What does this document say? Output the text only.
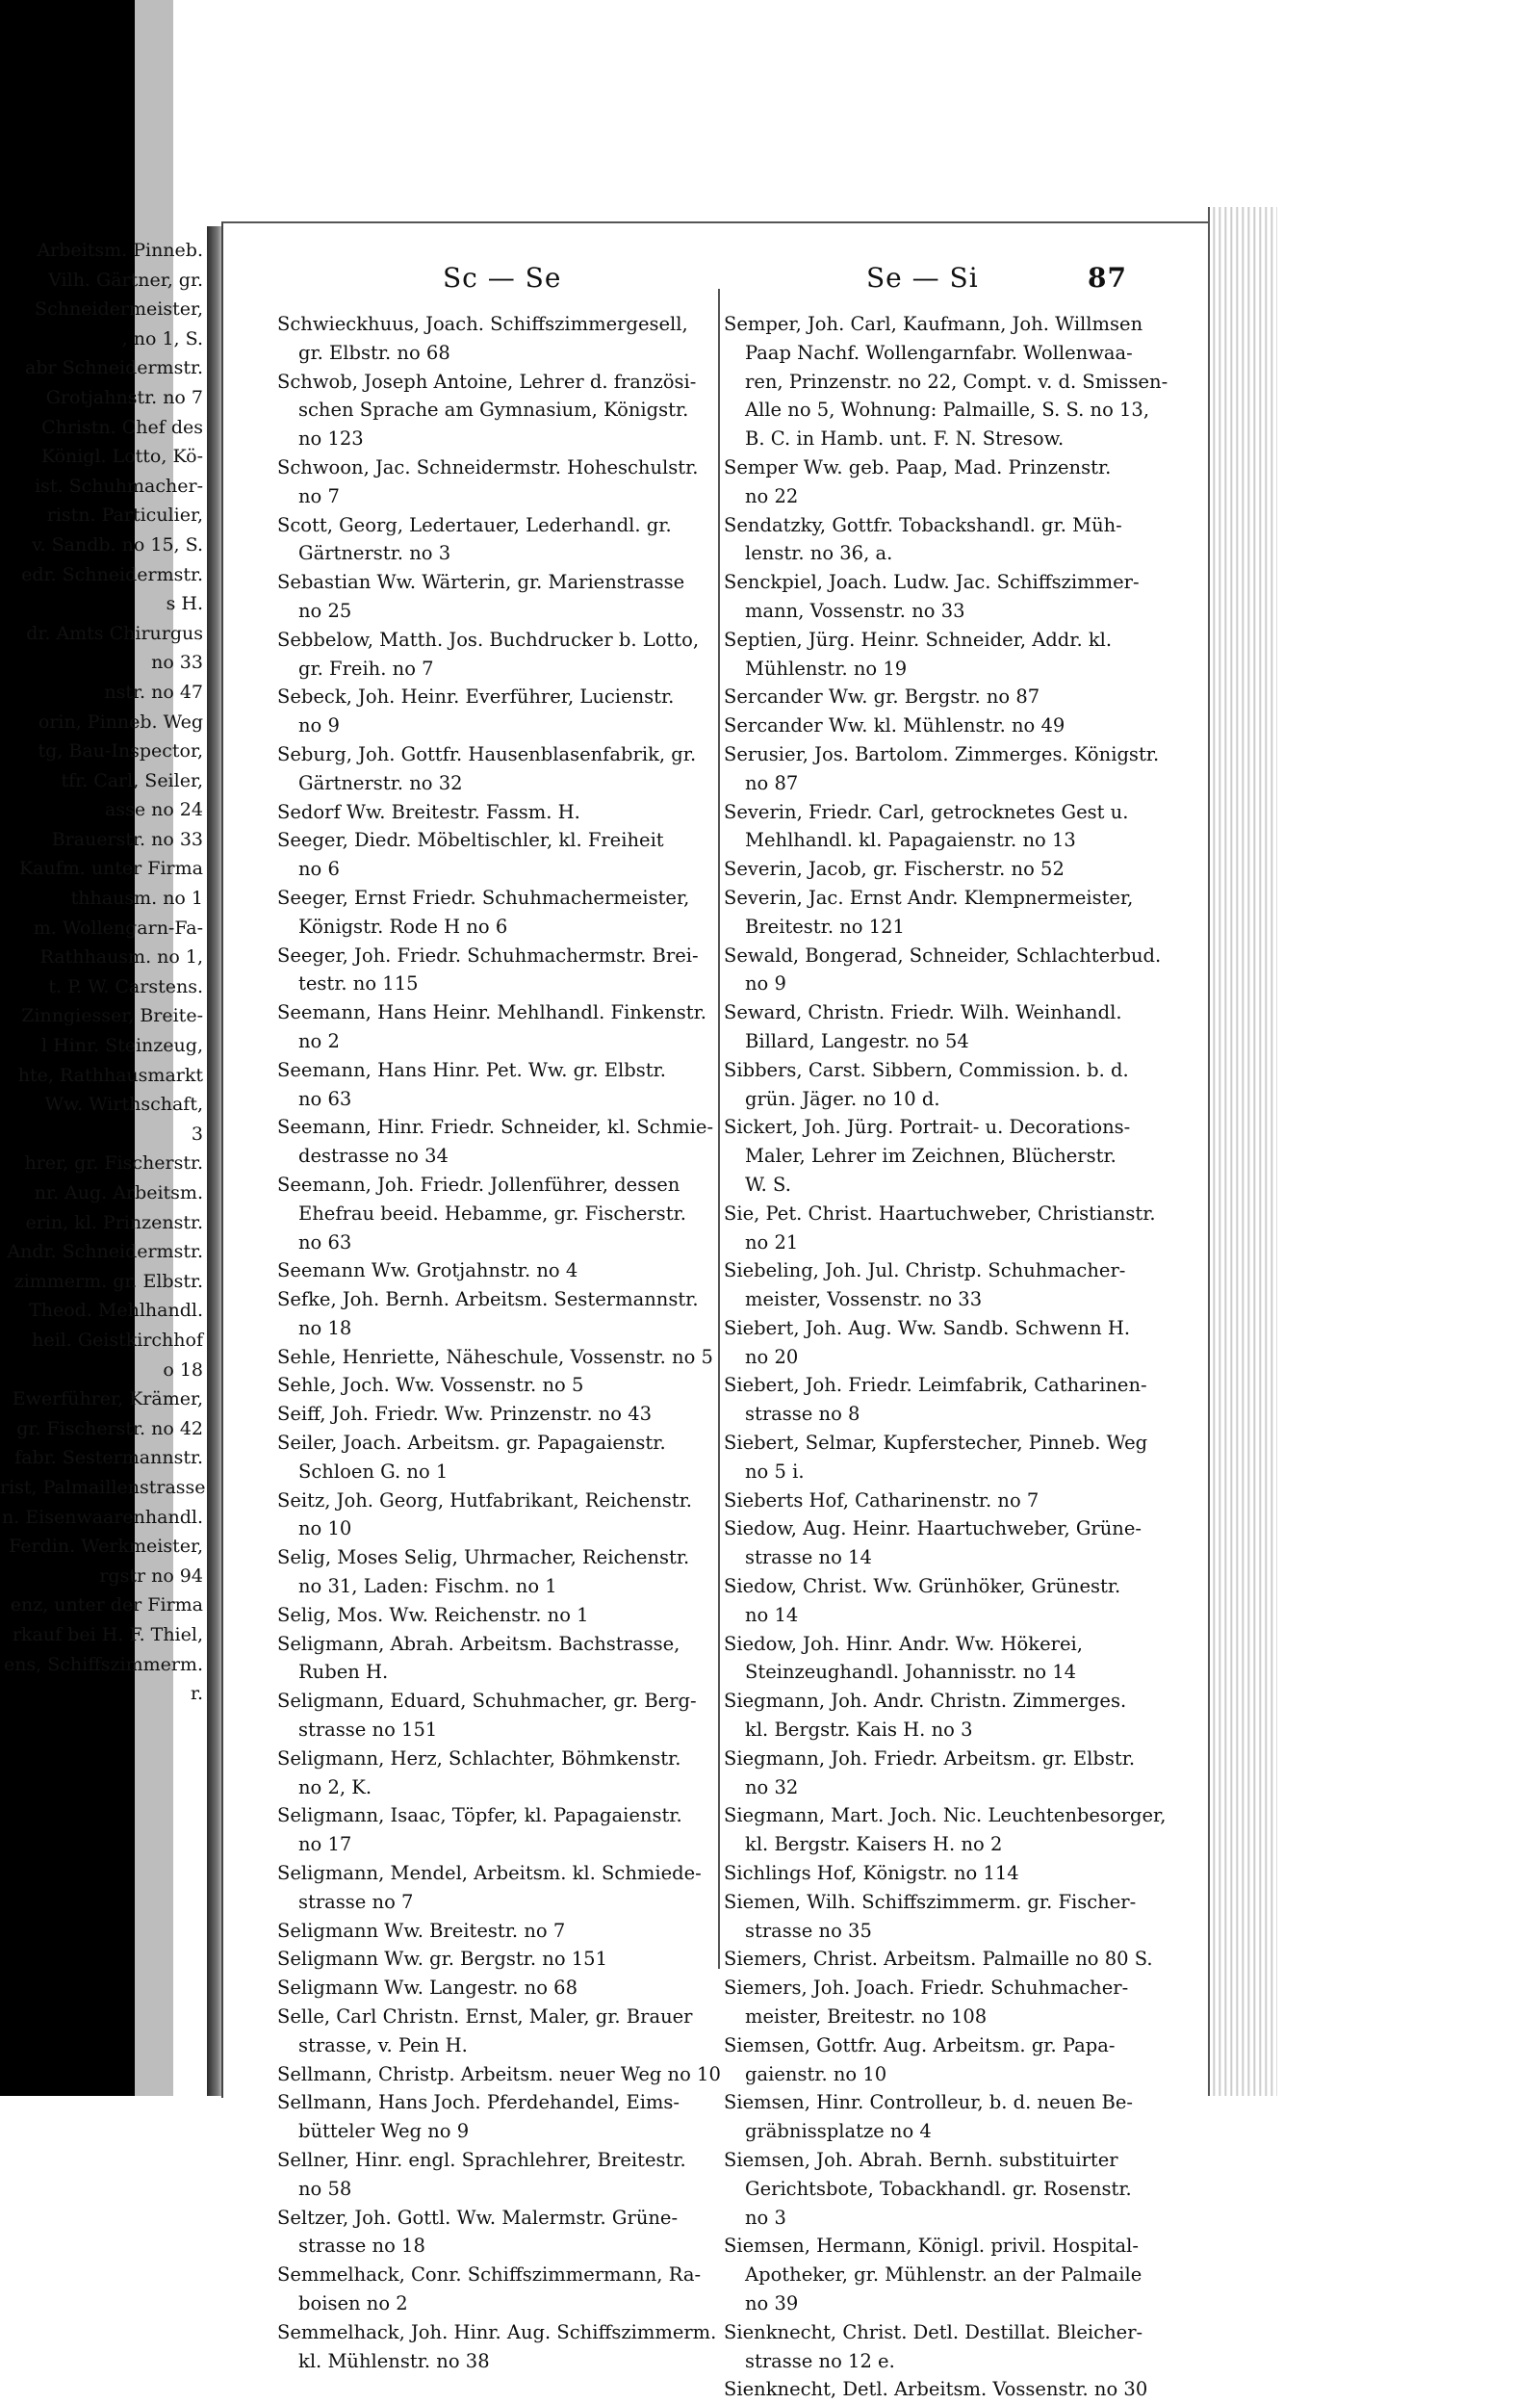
Arbeitsm. Pinneb.
Vilh. Gärtner, gr.
Schneidermeister,
, no 1, S.
abr Schneidermstr.
Grotjahnstr. no 7
Christn. Chef des
Königl. Lotto, Kö-
ist. Schuhmacher-
ristn. Particulier,
v. Sandb. no 15, S.
edr. Schneidermstr.
s H.
dr. Amts Chirurgus
no 33
nstr. no 47
orin, Pinneb. Weg
tg, Bau-Inspector,
tfr. Carl, Seiler,
asse no 24
Brauerstr. no 33
Kaufm. unter Firma
thhausm. no 1
m. Wollengarn-Fa-
Rathhausm. no 1,
t. P. W. Carstens.
Zinngiesser, Breite-
l Hinr. Steinzeug,
hte, Rathhausmarkt
Ww. Wirthschaft,
3
hrer, gr. Fischerstr.
nr. Aug. Arbeitsm.
erin, kl. Prinzenstr.
Andr. Schneidermstr.
zimmerm. gr. Elbstr.
Theod. Mehlhandl.
heil. Geistkirchhof
o 18
Ewerführer, Krämer,
gr. Fischerstr. no 42
fabr. Sestermannstr.
rist, Palmaillenstrasse
n. Eisenwaarenhandl.
Ferdin. Werkmeister,
rgstr no 94
enz, unter der Firma
rkauf bei H. F. Thiel,
ens, Schiffszimmerm.
r.
Sc — Se	Se — Si	87
Schwieckhuus, Joach. Schiffszimmergesell,
gr. Elbstr. no 68
Schwob, Joseph Antoine, Lehrer d. französi-
schen Sprache am Gymnasium, Königstr.
no 123
Schwoon, Jac. Schneidermstr. Hoheschulstr.
no 7
Scott, Georg, Ledertauer, Lederhandl. gr.
Gärtnerstr. no 3
Sebastian Ww. Wärterin, gr. Marienstrasse
no 25
Sebbelow, Matth. Jos. Buchdrucker b. Lotto,
gr. Freih. no 7
Sebeck, Joh. Heinr. Everführer, Lucienstr.
no 9
Seburg, Joh. Gottfr. Hausenblasenfabrik, gr.
Gärtnerstr. no 32
Sedorf Ww. Breitestr. Fassm. H.
Seeger, Diedr. Möbeltischler, kl. Freiheit
no 6
Seeger, Ernst Friedr. Schuhmachermeister,
Königstr. Rode H no 6
Seeger, Joh. Friedr. Schuhmachermstr. Brei-
testr. no 115
Seemann, Hans Heinr. Mehlhandl. Finkenstr.
no 2
Seemann, Hans Hinr. Pet. Ww. gr. Elbstr.
no 63
Seemann, Hinr. Friedr. Schneider, kl. Schmie-
destrasse no 34
Seemann, Joh. Friedr. Jollenführer, dessen
Ehefrau beeid. Hebamme, gr. Fischerstr.
no 63
Seemann Ww. Grotjahnstr. no 4
Sefke, Joh. Bernh. Arbeitsm. Sestermannstr.
no 18
Sehle, Henriette, Näheschule, Vossenstr. no 5
Sehle, Joch. Ww. Vossenstr. no 5
Seiff, Joh. Friedr. Ww. Prinzenstr. no 43
Seiler, Joach. Arbeitsm. gr. Papagaienstr.
Schloen G. no 1
Seitz, Joh. Georg, Hutfabrikant, Reichenstr.
no 10
Selig, Moses Selig, Uhrmacher, Reichenstr.
no 31, Laden: Fischm. no 1
Selig, Mos. Ww. Reichenstr. no 1
Seligmann, Abrah. Arbeitsm. Bachstrasse,
Ruben H.
Seligmann, Eduard, Schuhmacher, gr. Berg-
strasse no 151
Seligmann, Herz, Schlachter, Böhmkenstr.
no 2, K.
Seligmann, Isaac, Töpfer, kl. Papagaienstr.
no 17
Seligmann, Mendel, Arbeitsm. kl. Schmiede-
strasse no 7
Seligmann Ww. Breitestr. no 7
Seligmann Ww. gr. Bergstr. no 151
Seligmann Ww. Langestr. no 68
Selle, Carl Christn. Ernst, Maler, gr. Brauer
strasse, v. Pein H.
Sellmann, Christp. Arbeitsm. neuer Weg no 10
Sellmann, Hans Joch. Pferdehandel, Eims-
bütteler Weg no 9
Sellner, Hinr. engl. Sprachlehrer, Breitestr.
no 58
Seltzer, Joh. Gottl. Ww. Malermstr. Grüne-
strasse no 18
Semmelhack, Conr. Schiffszimmermann, Ra-
boisen no 2
Semmelhack, Joh. Hinr. Aug. Schiffszimmerm.
kl. Mühlenstr. no 38
Semper, Joh. Carl, Kaufmann, Joh. Willmsen
Paap Nachf. Wollengarnfabr. Wollenwaa-
ren, Prinzenstr. no 22, Compt. v. d. Smissen-
Alle no 5, Wohnung: Palmaille, S. S. no 13,
B. C. in Hamb. unt. F. N. Stresow.
Semper Ww. geb. Paap, Mad. Prinzenstr.
no 22
Sendatzky, Gottfr. Tobackshandl. gr. Müh-
lenstr. no 36, a.
Senckpiel, Joach. Ludw. Jac. Schiffszimmer-
mann, Vossenstr. no 33
Septien, Jürg. Heinr. Schneider, Addr. kl.
Mühlenstr. no 19
Sercander Ww. gr. Bergstr. no 87
Sercander Ww. kl. Mühlenstr. no 49
Serusier, Jos. Bartolom. Zimmerges. Königstr.
no 87
Severin, Friedr. Carl, getrocknetes Gest u.
Mehlhandl. kl. Papagaienstr. no 13
Severin, Jacob, gr. Fischerstr. no 52
Severin, Jac. Ernst Andr. Klempnermeister,
Breitestr. no 121
Sewald, Bongerad, Schneider, Schlachterbud.
no 9
Seward, Christn. Friedr. Wilh. Weinhandl.
Billard, Langestr. no 54
Sibbers, Carst. Sibbern, Commission. b. d.
grün. Jäger. no 10 d.
Sickert, Joh. Jürg. Portrait- u. Decorations-
Maler, Lehrer im Zeichnen, Blücherstr.
W. S.
Sie, Pet. Christ. Haartuchweber, Christianstr.
no 21
Siebeling, Joh. Jul. Christp. Schuhmacher-
meister, Vossenstr. no 33
Siebert, Joh. Aug. Ww. Sandb. Schwenn H.
no 20
Siebert, Joh. Friedr. Leimfabrik, Catharinen-
strasse no 8
Siebert, Selmar, Kupferstecher, Pinneb. Weg
no 5 i.
Sieberts Hof, Catharinenstr. no 7
Siedow, Aug. Heinr. Haartuchweber, Grüne-
strasse no 14
Siedow, Christ. Ww. Grünhöker, Grünestr.
no 14
Siedow, Joh. Hinr. Andr. Ww. Hökerei,
Steinzeughandl. Johannisstr. no 14
Siegmann, Joh. Andr. Christn. Zimmerges.
kl. Bergstr. Kais H. no 3
Siegmann, Joh. Friedr. Arbeitsm. gr. Elbstr.
no 32
Siegmann, Mart. Joch. Nic. Leuchtenbesorger,
kl. Bergstr. Kaisers H. no 2
Sichlings Hof, Königstr. no 114
Siemen, Wilh. Schiffszimmerm. gr. Fischer-
strasse no 35
Siemers, Christ. Arbeitsm. Palmaille no 80 S.
Siemers, Joh. Joach. Friedr. Schuhmacher-
meister, Breitestr. no 108
Siemsen, Gottfr. Aug. Arbeitsm. gr. Papa-
gaienstr. no 10
Siemsen, Hinr. Controlleur, b. d. neuen Be-
gräbnissplatze no 4
Siemsen, Joh. Abrah. Bernh. substituirter
Gerichtsbote, Tobackhandl. gr. Rosenstr.
no 3
Siemsen, Hermann, Königl. privil. Hospital-
Apotheker, gr. Mühlenstr. an der Palmaile
no 39
Sienknecht, Christ. Detl. Destillat. Bleicher-
strasse no 12 e.
Sienknecht, Detl. Arbeitsm. Vossenstr. no 30
